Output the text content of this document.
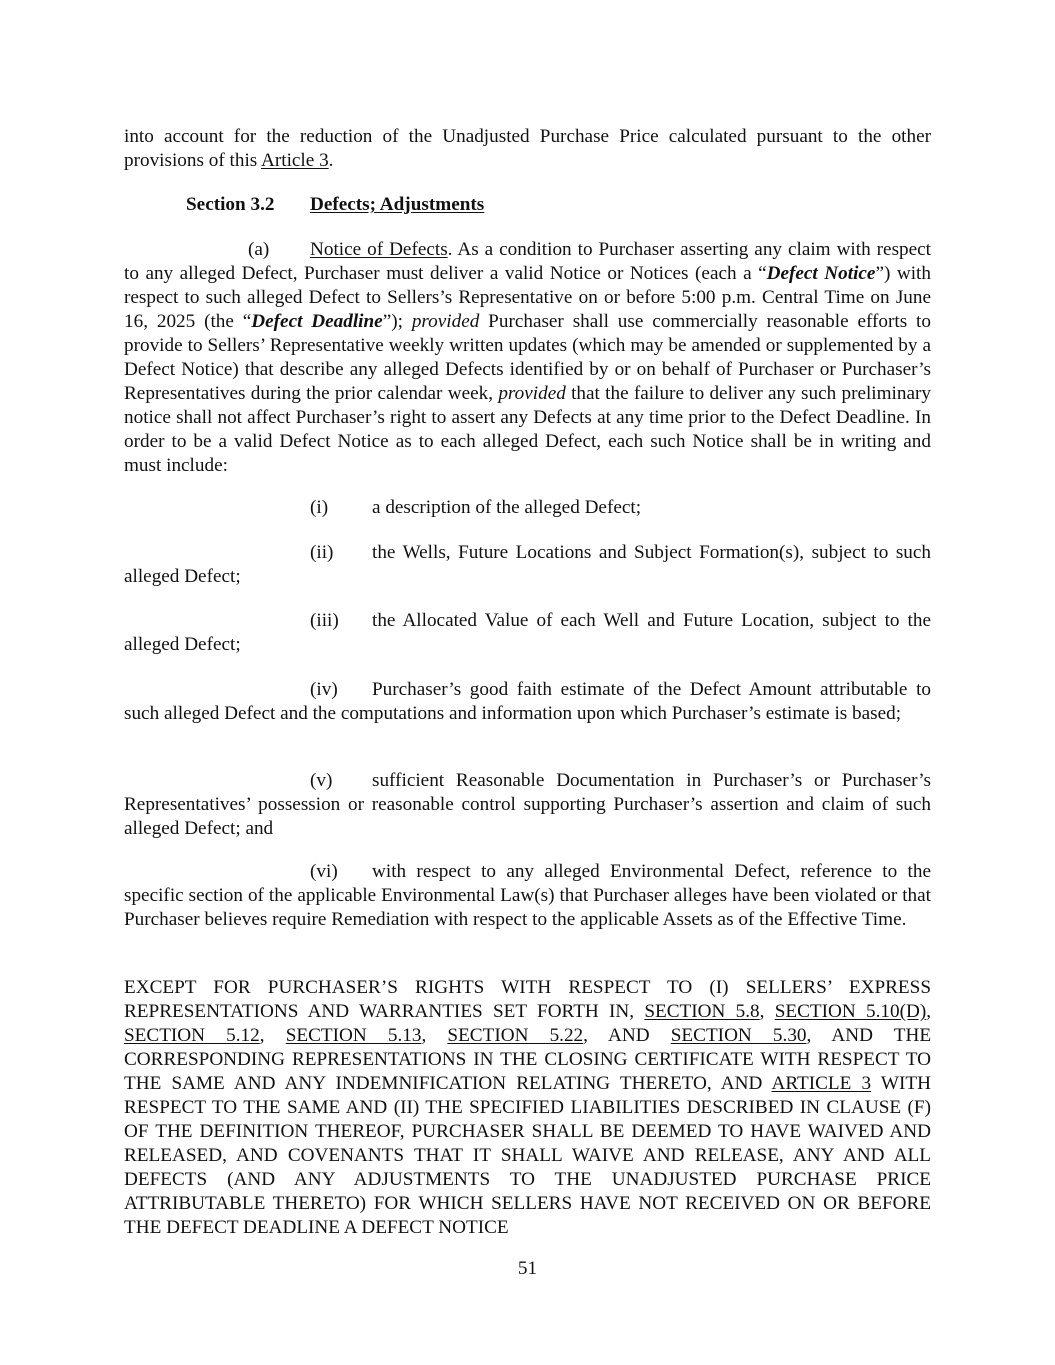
into account for the reduction of the Unadjusted Purchase Price calculated pursuant to the other provisions of this Article 3.

Section 3.2 Defects; Adjustments

(a) Notice of Defects. As a condition to Purchaser asserting any claim with respect to any alleged Defect, Purchaser must deliver a valid Notice or Notices (each a “Defect Notice”) with respect to such alleged Defect to Sellers’s Representative on or before 5:00 p.m. Central Time on June 16, 2025 (the “Defect Deadline”); provided Purchaser shall use commercially reasonable efforts to provide to Sellers’ Representative weekly written updates (which may be amended or supplemented by a Defect Notice) that describe any alleged Defects identified by or on behalf of Purchaser or Purchaser’s Representatives during the prior calendar week, provided that the failure to deliver any such preliminary notice shall not affect Purchaser’s right to assert any Defects at any time prior to the Defect Deadline. In order to be a valid Defect Notice as to each alleged Defect, each such Notice shall be in writing and must include:

(i) a description of the alleged Defect;

(ii) the Wells, Future Locations and Subject Formation(s), subject to such alleged Defect;

(iii) the Allocated Value of each Well and Future Location, subject to the alleged Defect;

(iv) Purchaser’s good faith estimate of the Defect Amount attributable to such alleged Defect and the computations and information upon which Purchaser’s estimate is based;

(v) sufficient Reasonable Documentation in Purchaser’s or Purchaser’s Representatives’ possession or reasonable control supporting Purchaser’s assertion and claim of such alleged Defect; and

(vi) with respect to any alleged Environmental Defect, reference to the specific section of the applicable Environmental Law(s) that Purchaser alleges have been violated or that Purchaser believes require Remediation with respect to the applicable Assets as of the Effective Time.

EXCEPT FOR PURCHASER’S RIGHTS WITH RESPECT TO (I) SELLERS’ EXPRESS REPRESENTATIONS AND WARRANTIES SET FORTH IN, SECTION 5.8, SECTION 5.10(D), SECTION 5.12, SECTION 5.13, SECTION 5.22, AND SECTION 5.30, AND THE CORRESPONDING REPRESENTATIONS IN THE CLOSING CERTIFICATE WITH RESPECT TO THE SAME AND ANY INDEMNIFICATION RELATING THERETO, AND ARTICLE 3 WITH RESPECT TO THE SAME AND (II) THE SPECIFIED LIABILITIES DESCRIBED IN CLAUSE (F) OF THE DEFINITION THEREOF, PURCHASER SHALL BE DEEMED TO HAVE WAIVED AND RELEASED, AND COVENANTS THAT IT SHALL WAIVE AND RELEASE, ANY AND ALL DEFECTS (AND ANY ADJUSTMENTS TO THE UNADJUSTED PURCHASE PRICE ATTRIBUTABLE THERETO) FOR WHICH SELLERS HAVE NOT RECEIVED ON OR BEFORE THE DEFECT DEADLINE A DEFECT NOTICE

51
